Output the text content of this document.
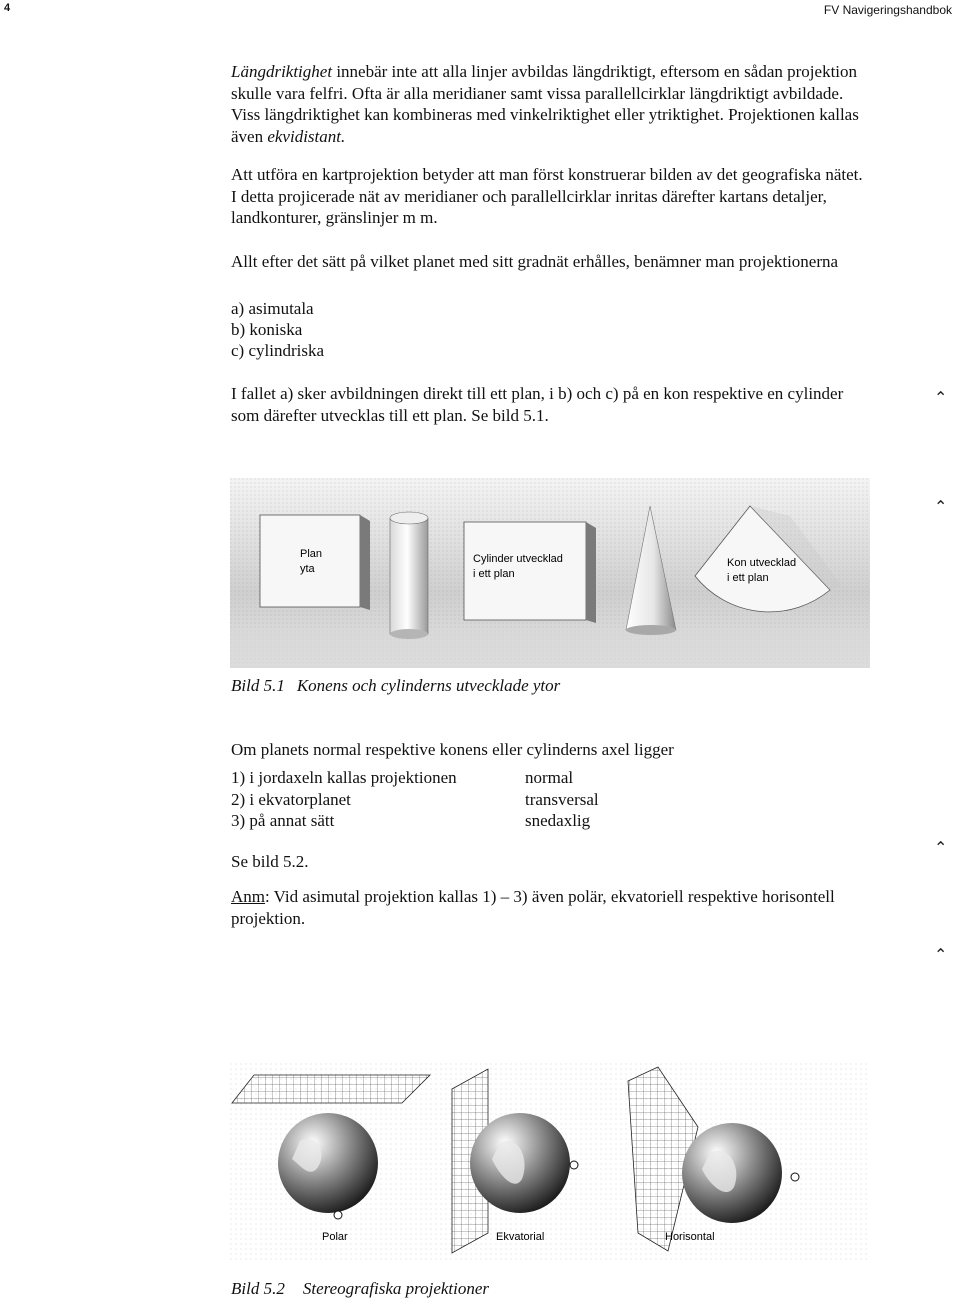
4	FV Navigeringshandbok

Längdriktighet innebär inte att alla linjer avbildas längdriktigt, eftersom en sådan projektion skulle vara felfri. Ofta är alla meridianer samt vissa parallellcirklar längdriktigt avbildade. Viss längdriktighet kan kombineras med vinkelriktighet eller ytriktighet. Projektionen kallas även ekvidistant.

Att utföra en kartprojektion betyder att man först konstruerar bilden av det geografiska nätet. I detta projicerade nät av meridianer och parallellcirklar inritas därefter kartans detaljer, landkonturer, gränslinjer m m.
Allt efter det sätt på vilket planet med sitt gradnät erhålles, benämner man projektionerna
a) asimutala
b) koniska
c) cylindriska
I fallet a) sker avbildningen direkt till ett plan, i b) och c) på en kon respektive en cylinder som därefter utvecklas till ett plan. Se bild 5.1.
⌃
⌃
⌃
⌃
Plan
yta
Cylinder utvecklad
i ett plan
Kon utvecklad
i ett plan
Bild 5.1 Konens och cylinderns utvecklade ytor
Om planets normal respektive konens eller cylinderns axel ligger
1) i jordaxeln kallas projektionen	normal
2) i ekvatorplanet	transversal
3) på annat sätt	snedaxlig
Se bild 5.2.

Anm: Vid asimutal projektion kallas 1) – 3) även polär, ekvatoriell respektive horisontell projektion.

Polar	Ekvatorial	Horisontal
Bild 5.2 Stereografiska projektioner
